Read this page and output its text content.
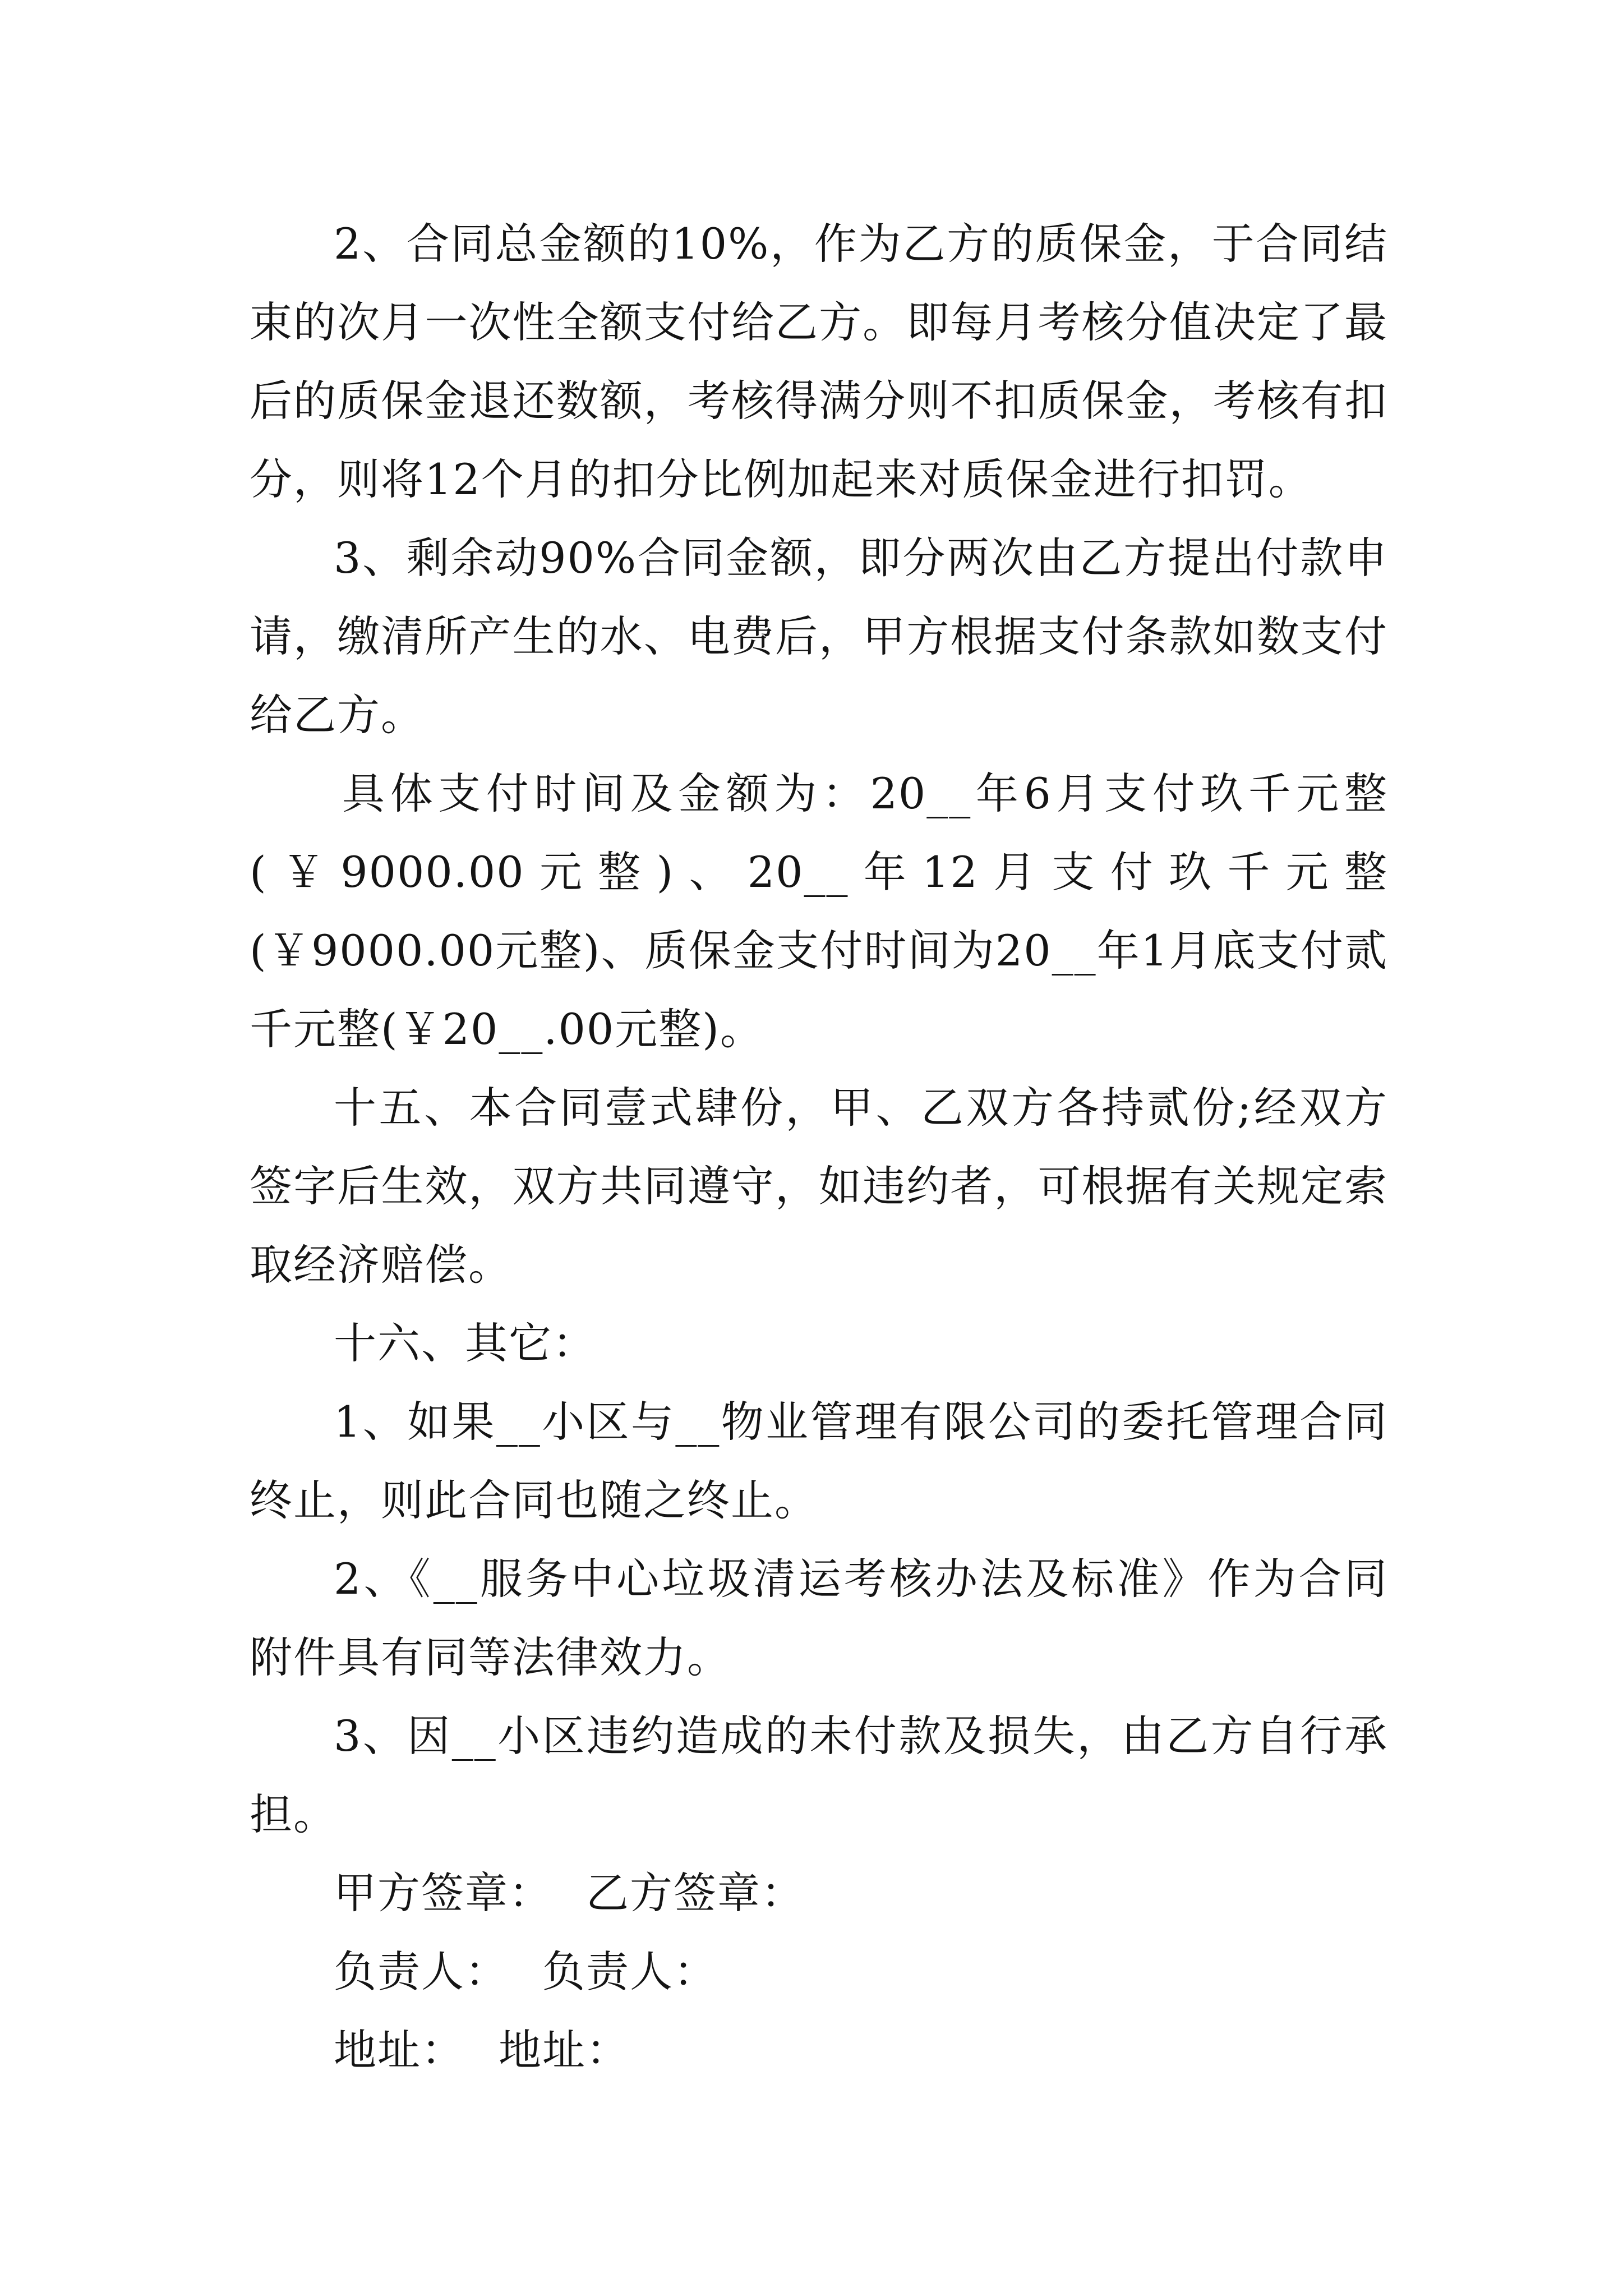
2、合同总金额的10%，作为乙方的质保金，于合同结束的次月一次性全额支付给乙方。即每月考核分值决定了最后的质保金退还数额，考核得满分则不扣质保金，考核有扣分，则将12个月的扣分比例加起来对质保金进行扣罚。

3、剩余动90%合同金额，即分两次由乙方提出付款申请，缴清所产生的水、电费后，甲方根据支付条款如数支付给乙方。

具体支付时间及金额为：20__年6月支付玖千元整(￥9000.00元整)、20__年12月支付玖千元整(￥9000.00元整)、质保金支付时间为20__年1月底支付贰千元整(￥20__.00元整)。

十五、本合同壹式肆份，甲、乙双方各持贰份;经双方签字后生效，双方共同遵守，如违约者，可根据有关规定索取经济赔偿。

十六、其它：

1、如果__小区与__物业管理有限公司的委托管理合同终止，则此合同也随之终止。

2、《__服务中心垃圾清运考核办法及标准》作为合同附件具有同等法律效力。

3、因__小区违约造成的未付款及损失，由乙方自行承担。

甲方签章： 乙方签章：
负责人： 负责人：
地址： 地址：
